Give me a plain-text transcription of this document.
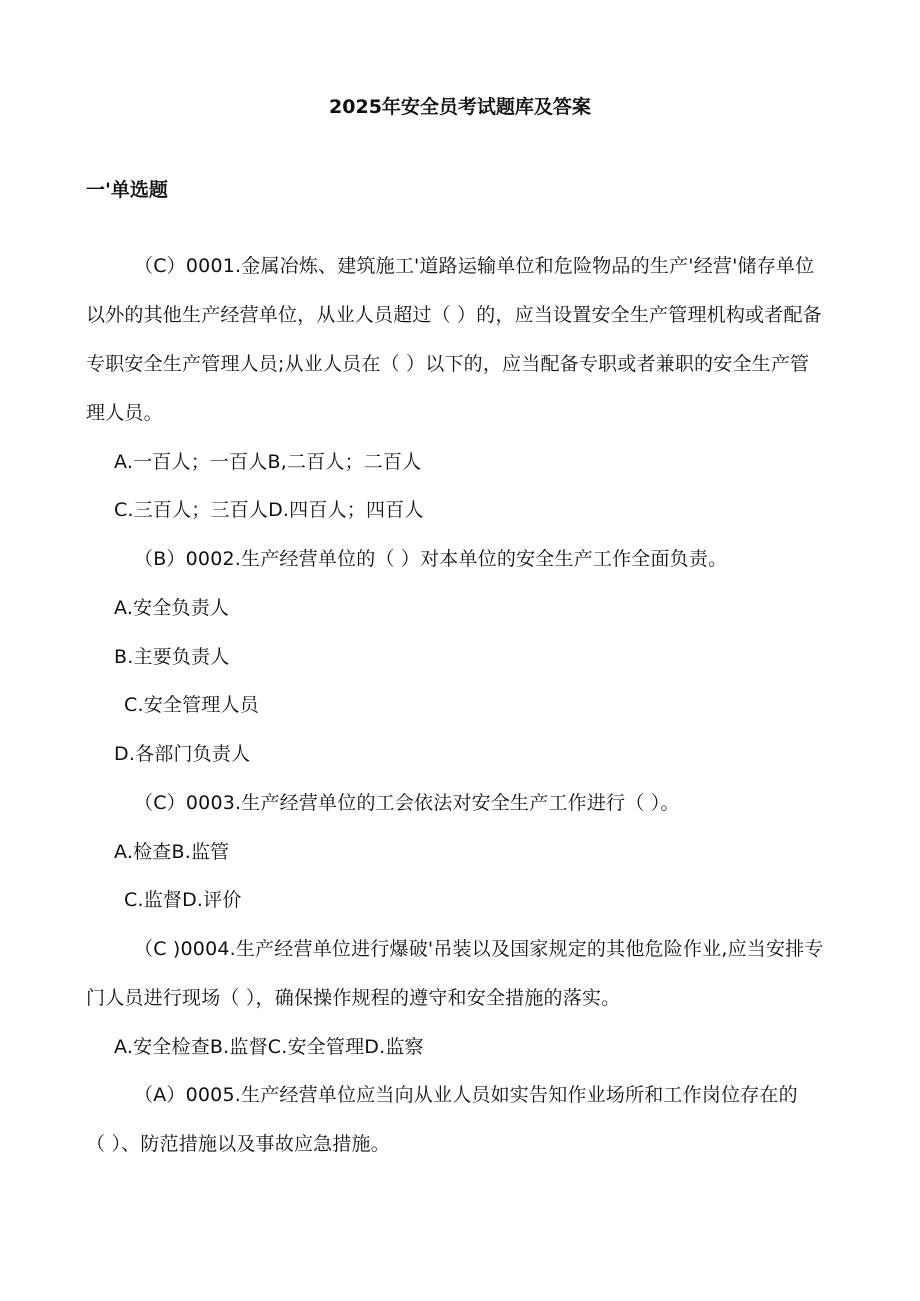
2025年安全员考试题库及答案
一'单选题
（C）0001.金属冶炼、建筑施工'道路运输单位和危险物品的生产'经营'储存单位
以外的其他生产经营单位，从业人员超过（ ）的，应当设置安全生产管理机构或者配备
专职安全生产管理人员;从业人员在（ ）以下的，应当配备专职或者兼职的安全生产管
理人员。
A.一百人；一百人B,二百人；二百人
C.三百人；三百人D.四百人；四百人
（B）0002.生产经营单位的（ ）对本单位的安全生产工作全面负责。
A.安全负责人
B.主要负责人
C.安全管理人员
D.各部门负责人
（C）0003.生产经营单位的工会依法对安全生产工作进行（ ）。
A.检查B.监管
C.监督D.评价
（C )0004.生产经营单位进行爆破'吊装以及国家规定的其他危险作业,应当安排专
门人员进行现场（ ），确保操作规程的遵守和安全措施的落实。
A.安全检查B.监督C.安全管理D.监察
（A）0005.生产经营单位应当向从业人员如实告知作业场所和工作岗位存在的
（ ）、防范措施以及事故应急措施。
